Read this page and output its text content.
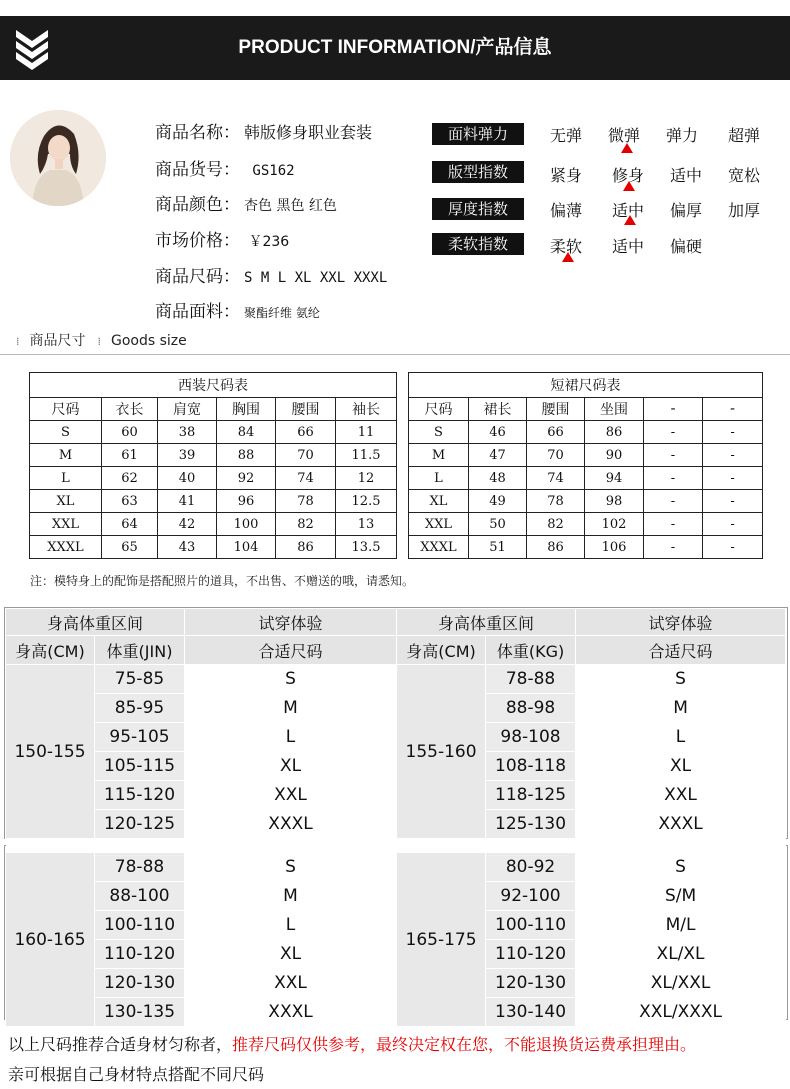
PRODUCT INFORMATION/产品信息
商品名称： 韩版修身职业套装
商品货号： GS162
商品颜色： 杏色 黑色 红色
市场价格： ￥236
商品尺码： S M L XL XXL XXXL
商品面料： 聚酯纤维 氨纶
面料弹力	无弹	微弹	弹力	超弹
版型指数	紧身	修身	适中	宽松
厚度指数	偏薄	适中	偏厚	加厚
柔软指数	柔软	适中	偏硬
⁞ 商品尺寸 ⁞ Goods size
西装尺码表					
尺码	衣长	肩宽	胸围	腰围	袖长
S	60	38	84	66	11
M	61	39	88	70	11.5
L	62	40	92	74	12
XL	63	41	96	78	12.5
XXL	64	42	100	82	13
XXXL	65	43	104	86	13.5
短裙尺码表					
尺码	裙长	腰围	坐围	-	-
S	46	66	86	-	-
M	47	70	90	-	-
L	48	74	94	-	-
XL	49	78	98	-	-
XXL	50	82	102	-	-
XXXL	51	86	106	-	-
注：模特身上的配饰是搭配照片的道具，不出售、不赠送的哦，请悉知。
身高体重区间		试穿体验	身高体重区间		试穿体验
身高(CM)	体重(JIN)	合适尺码	身高(CM)	体重(KG)	合适尺码
150-155	75-85	S	155-160	78-88	S
	85-95	M		88-98	M
	95-105	L		98-108	L
	105-115	XL		108-118	XL
	115-120	XXL		118-125	XXL
	120-125	XXXL		125-130	XXXL

160-165	78-88	S	165-175	80-92	S
	88-100	M		92-100	S/M
	100-110	L		100-110	M/L
	110-120	XL		110-120	XL/XL
	120-130	XXL		120-130	XL/XXL
	130-135	XXXL		130-140	XXL/XXXL
以上尺码推荐合适身材匀称者，推荐尺码仅供参考，最终决定权在您，不能退换货运费承担理由。
亲可根据自己身材特点搭配不同尺码
